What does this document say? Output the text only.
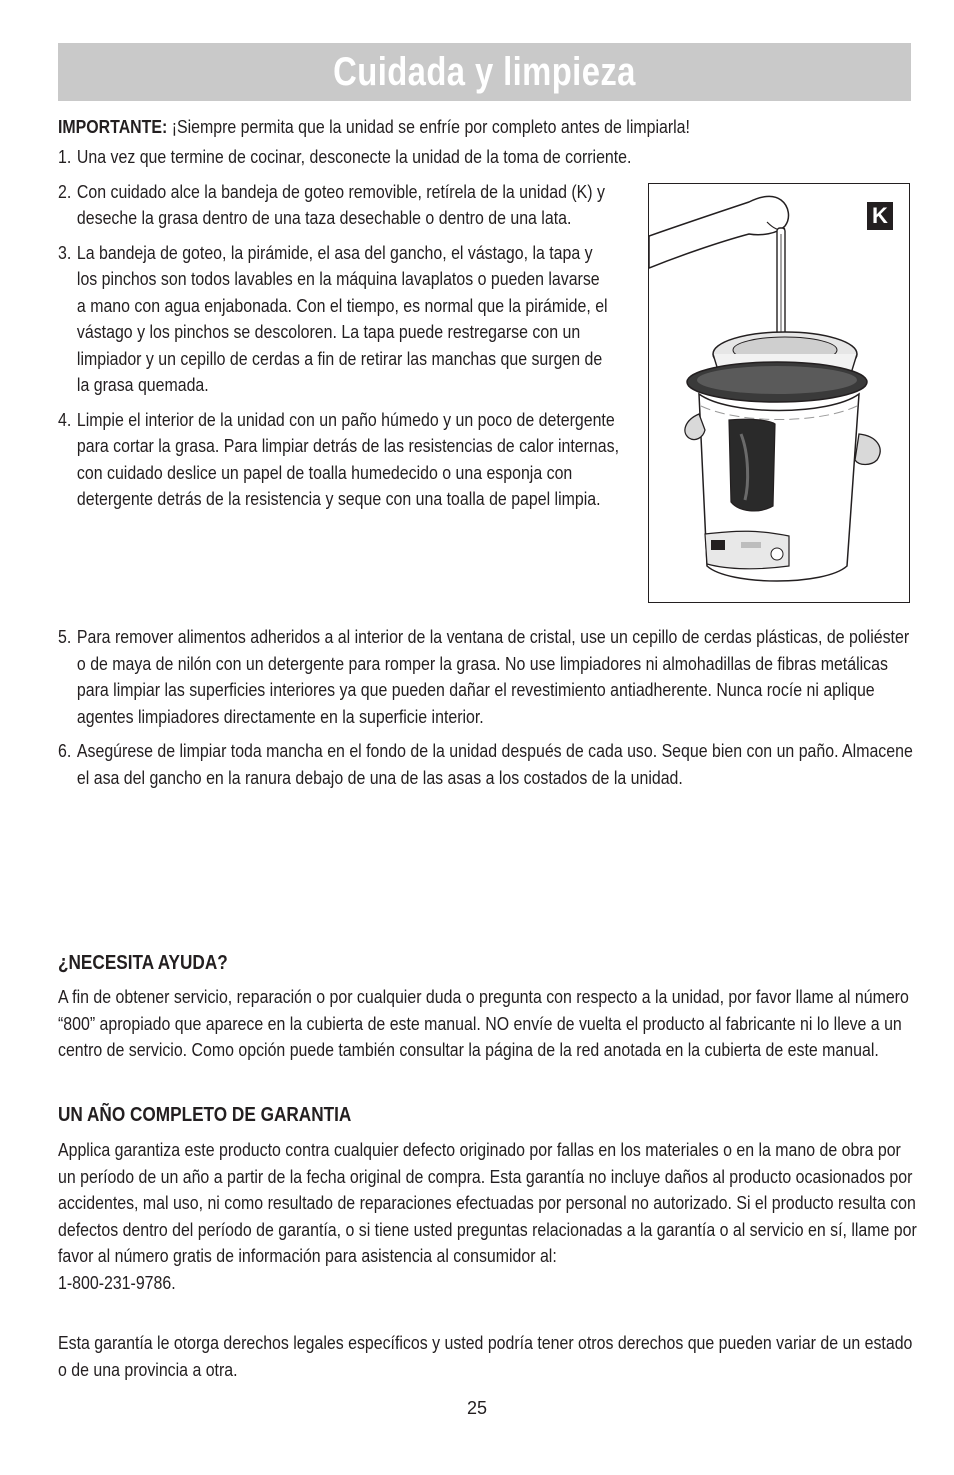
Cuidada y limpieza
IMPORTANTE: ¡Siempre permita que la unidad se enfríe por completo antes de limpiarla!
1. Una vez que termine de cocinar, desconecte la unidad de la toma de corriente.
2. Con cuidado alce la bandeja de goteo removible, retírela de la unidad (K) y deseche la grasa dentro de una taza desechable o dentro de una lata.
3. La bandeja de goteo, la pirámide, el asa del gancho, el vástago, la tapa y los pinchos son todos lavables en la máquina lavaplatos o pueden lavarse a mano con agua enjabonada. Con el tiempo, es normal que la pirámide, el vástago y los pinchos se descoloren. La tapa puede restregarse con un limpiador y un cepillo de cerdas a fin de retirar las manchas que surgen de la grasa quemada.
4. Limpie el interior de la unidad con un paño húmedo y un poco de detergente para cortar la grasa. Para limpiar detrás de las resistencias de calor internas, con cuidado deslice un papel de toalla humedecido o una esponja con detergente detrás de la resistencia y seque con una toalla de papel limpia.
K
5. Para remover alimentos adheridos a al interior de la ventana de cristal, use un cepillo de cerdas plásticas, de poliéster o de maya de nilón con un detergente para romper la grasa. No use limpiadores ni almohadillas de fibras metálicas para limpiar las superficies interiores ya que pueden dañar el revestimiento antiadherente. Nunca rocíe ni aplique agentes limpiadores directamente en la superficie interior.
6. Asegúrese de limpiar toda mancha en el fondo de la unidad después de cada uso. Seque bien con un paño. Almacene el asa del gancho en la ranura debajo de una de las asas a los costados de la unidad.
¿NECESITA AYUDA?
A fin de obtener servicio, reparación o por cualquier duda o pregunta con respecto a la unidad, por favor llame al número “800” apropiado que aparece en la cubierta de este manual. NO envíe de vuelta el producto al fabricante ni lo lleve a un centro de servicio. Como opción puede también consultar la página de la red anotada en la cubierta de este manual.
UN AÑO COMPLETO DE GARANTIA
Applica garantiza este producto contra cualquier defecto originado por fallas en los materiales o en la mano de obra por un período de un año a partir de la fecha original de compra. Esta garantía no incluye daños al producto ocasionados por accidentes, mal uso, ni como resultado de reparaciones efectuadas por personal no autorizado. Si el producto resulta con defectos dentro del período de garantía, o si tiene usted preguntas relacionadas a la garantía o al servicio en sí, llame por favor al número gratis de información para asistencia al consumidor al:
1-800-231-9786.
Esta garantía le otorga derechos legales específicos y usted podría tener otros derechos que pueden variar de un estado o de una provincia a otra.
25
